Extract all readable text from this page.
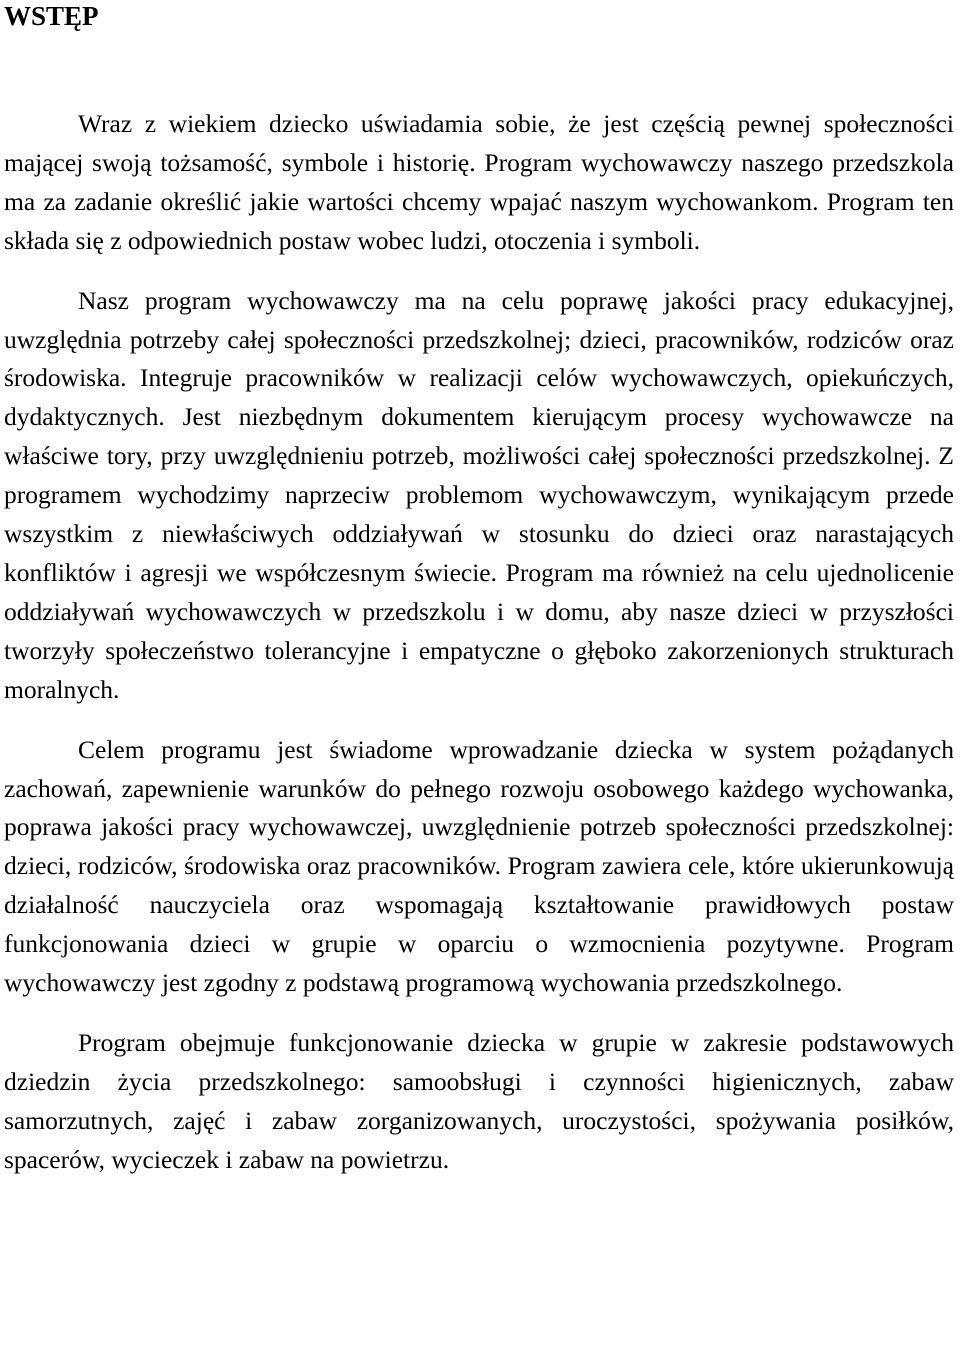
WSTĘP

Wraz z wiekiem dziecko uświadamia sobie, że jest częścią pewnej społeczności mającej swoją tożsamość, symbole i historię. Program wychowawczy naszego przedszkola ma za zadanie określić jakie wartości chcemy wpajać naszym wychowankom. Program ten składa się z odpowiednich postaw wobec ludzi, otoczenia i symboli.

Nasz program wychowawczy ma na celu poprawę jakości pracy edukacyjnej, uwzględnia potrzeby całej społeczności przedszkolnej; dzieci, pracowników, rodziców oraz środowiska. Integruje pracowników w realizacji celów wychowawczych, opiekuńczych, dydaktycznych. Jest niezbędnym dokumentem kierującym procesy wychowawcze na właściwe tory, przy uwzględnieniu potrzeb, możliwości całej społeczności przedszkolnej. Z programem wychodzimy naprzeciw problemom wychowawczym, wynikającym przede wszystkim z niewłaściwych oddziaływań w stosunku do dzieci oraz narastających konfliktów i agresji we współczesnym świecie. Program ma również na celu ujednolicenie oddziaływań wychowawczych w przedszkolu i w domu, aby nasze dzieci w przyszłości tworzyły społeczeństwo tolerancyjne i empatyczne o głęboko zakorzenionych strukturach moralnych.

Celem programu jest świadome wprowadzanie dziecka w system pożądanych zachowań, zapewnienie warunków do pełnego rozwoju osobowego każdego wychowanka, poprawa jakości pracy wychowawczej, uwzględnienie potrzeb społeczności przedszkolnej: dzieci, rodziców, środowiska oraz pracowników. Program zawiera cele, które ukierunkowują działalność nauczyciela oraz wspomagają kształtowanie prawidłowych postaw funkcjonowania dzieci w grupie w oparciu o wzmocnienia pozytywne. Program wychowawczy jest zgodny z podstawą programową wychowania przedszkolnego.

Program obejmuje funkcjonowanie dziecka w grupie w zakresie podstawowych dziedzin życia przedszkolnego: samoobsługi i czynności higienicznych, zabaw samorzutnych, zajęć i zabaw zorganizowanych, uroczystości, spożywania posiłków, spacerów, wycieczek i zabaw na powietrzu.
